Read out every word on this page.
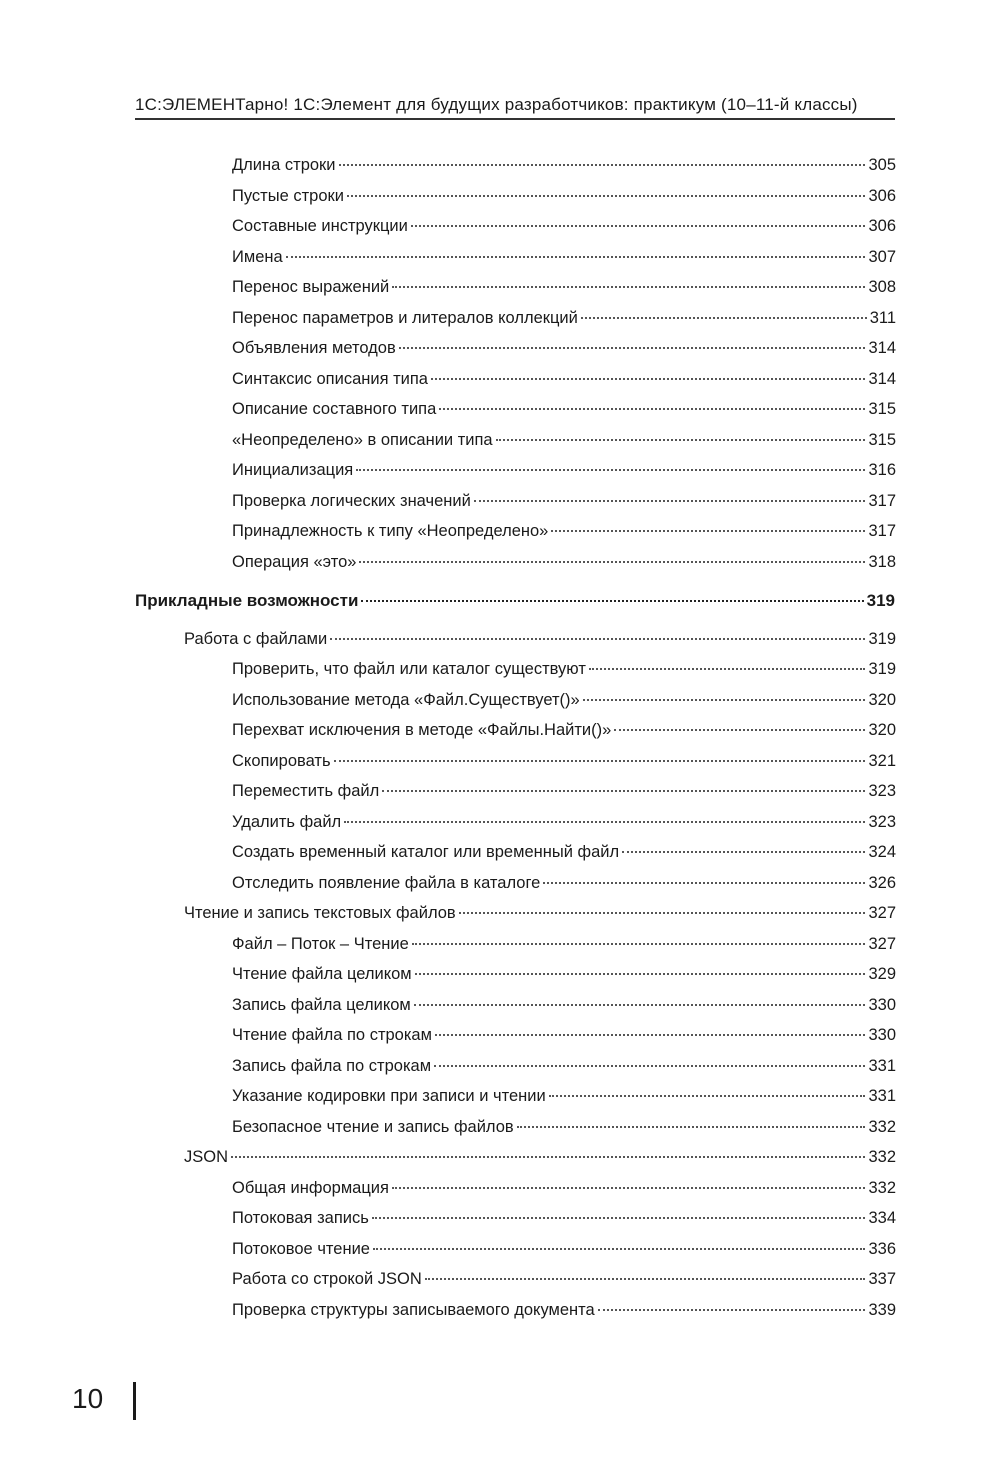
1С:ЭЛЕМЕНТарно! 1С:Элемент для будущих разработчиков: практикум (10–11-й классы)
Длина строки	305
Пустые строки	306
Составные инструкции	306
Имена	307
Перенос выражений	308
Перенос параметров и литералов коллекций	311
Объявления методов	314
Синтаксис описания типа	314
Описание составного типа	315
«Неопределено» в описании типа	315
Инициализация	316
Проверка логических значений	317
Принадлежность к типу «Неопределено»	317
Операция «это»	318
Прикладные возможности	319
Работа с файлами	319
Проверить, что файл или каталог существуют	319
Использование метода «Файл.Существует()»	320
Перехват исключения в методе «Файлы.Найти()»	320
Скопировать	321
Переместить файл	323
Удалить файл	323
Создать временный каталог или временный файл	324
Отследить появление файла в каталоге	326
Чтение и запись текстовых файлов	327
Файл – Поток – Чтение	327
Чтение файла целиком	329
Запись файла целиком	330
Чтение файла по строкам	330
Запись файла по строкам	331
Указание кодировки при записи и чтении	331
Безопасное чтение и запись файлов	332
JSON	332
Общая информация	332
Потоковая запись	334
Потоковое чтение	336
Работа со строкой JSON	337
Проверка структуры записываемого документа	339
10
